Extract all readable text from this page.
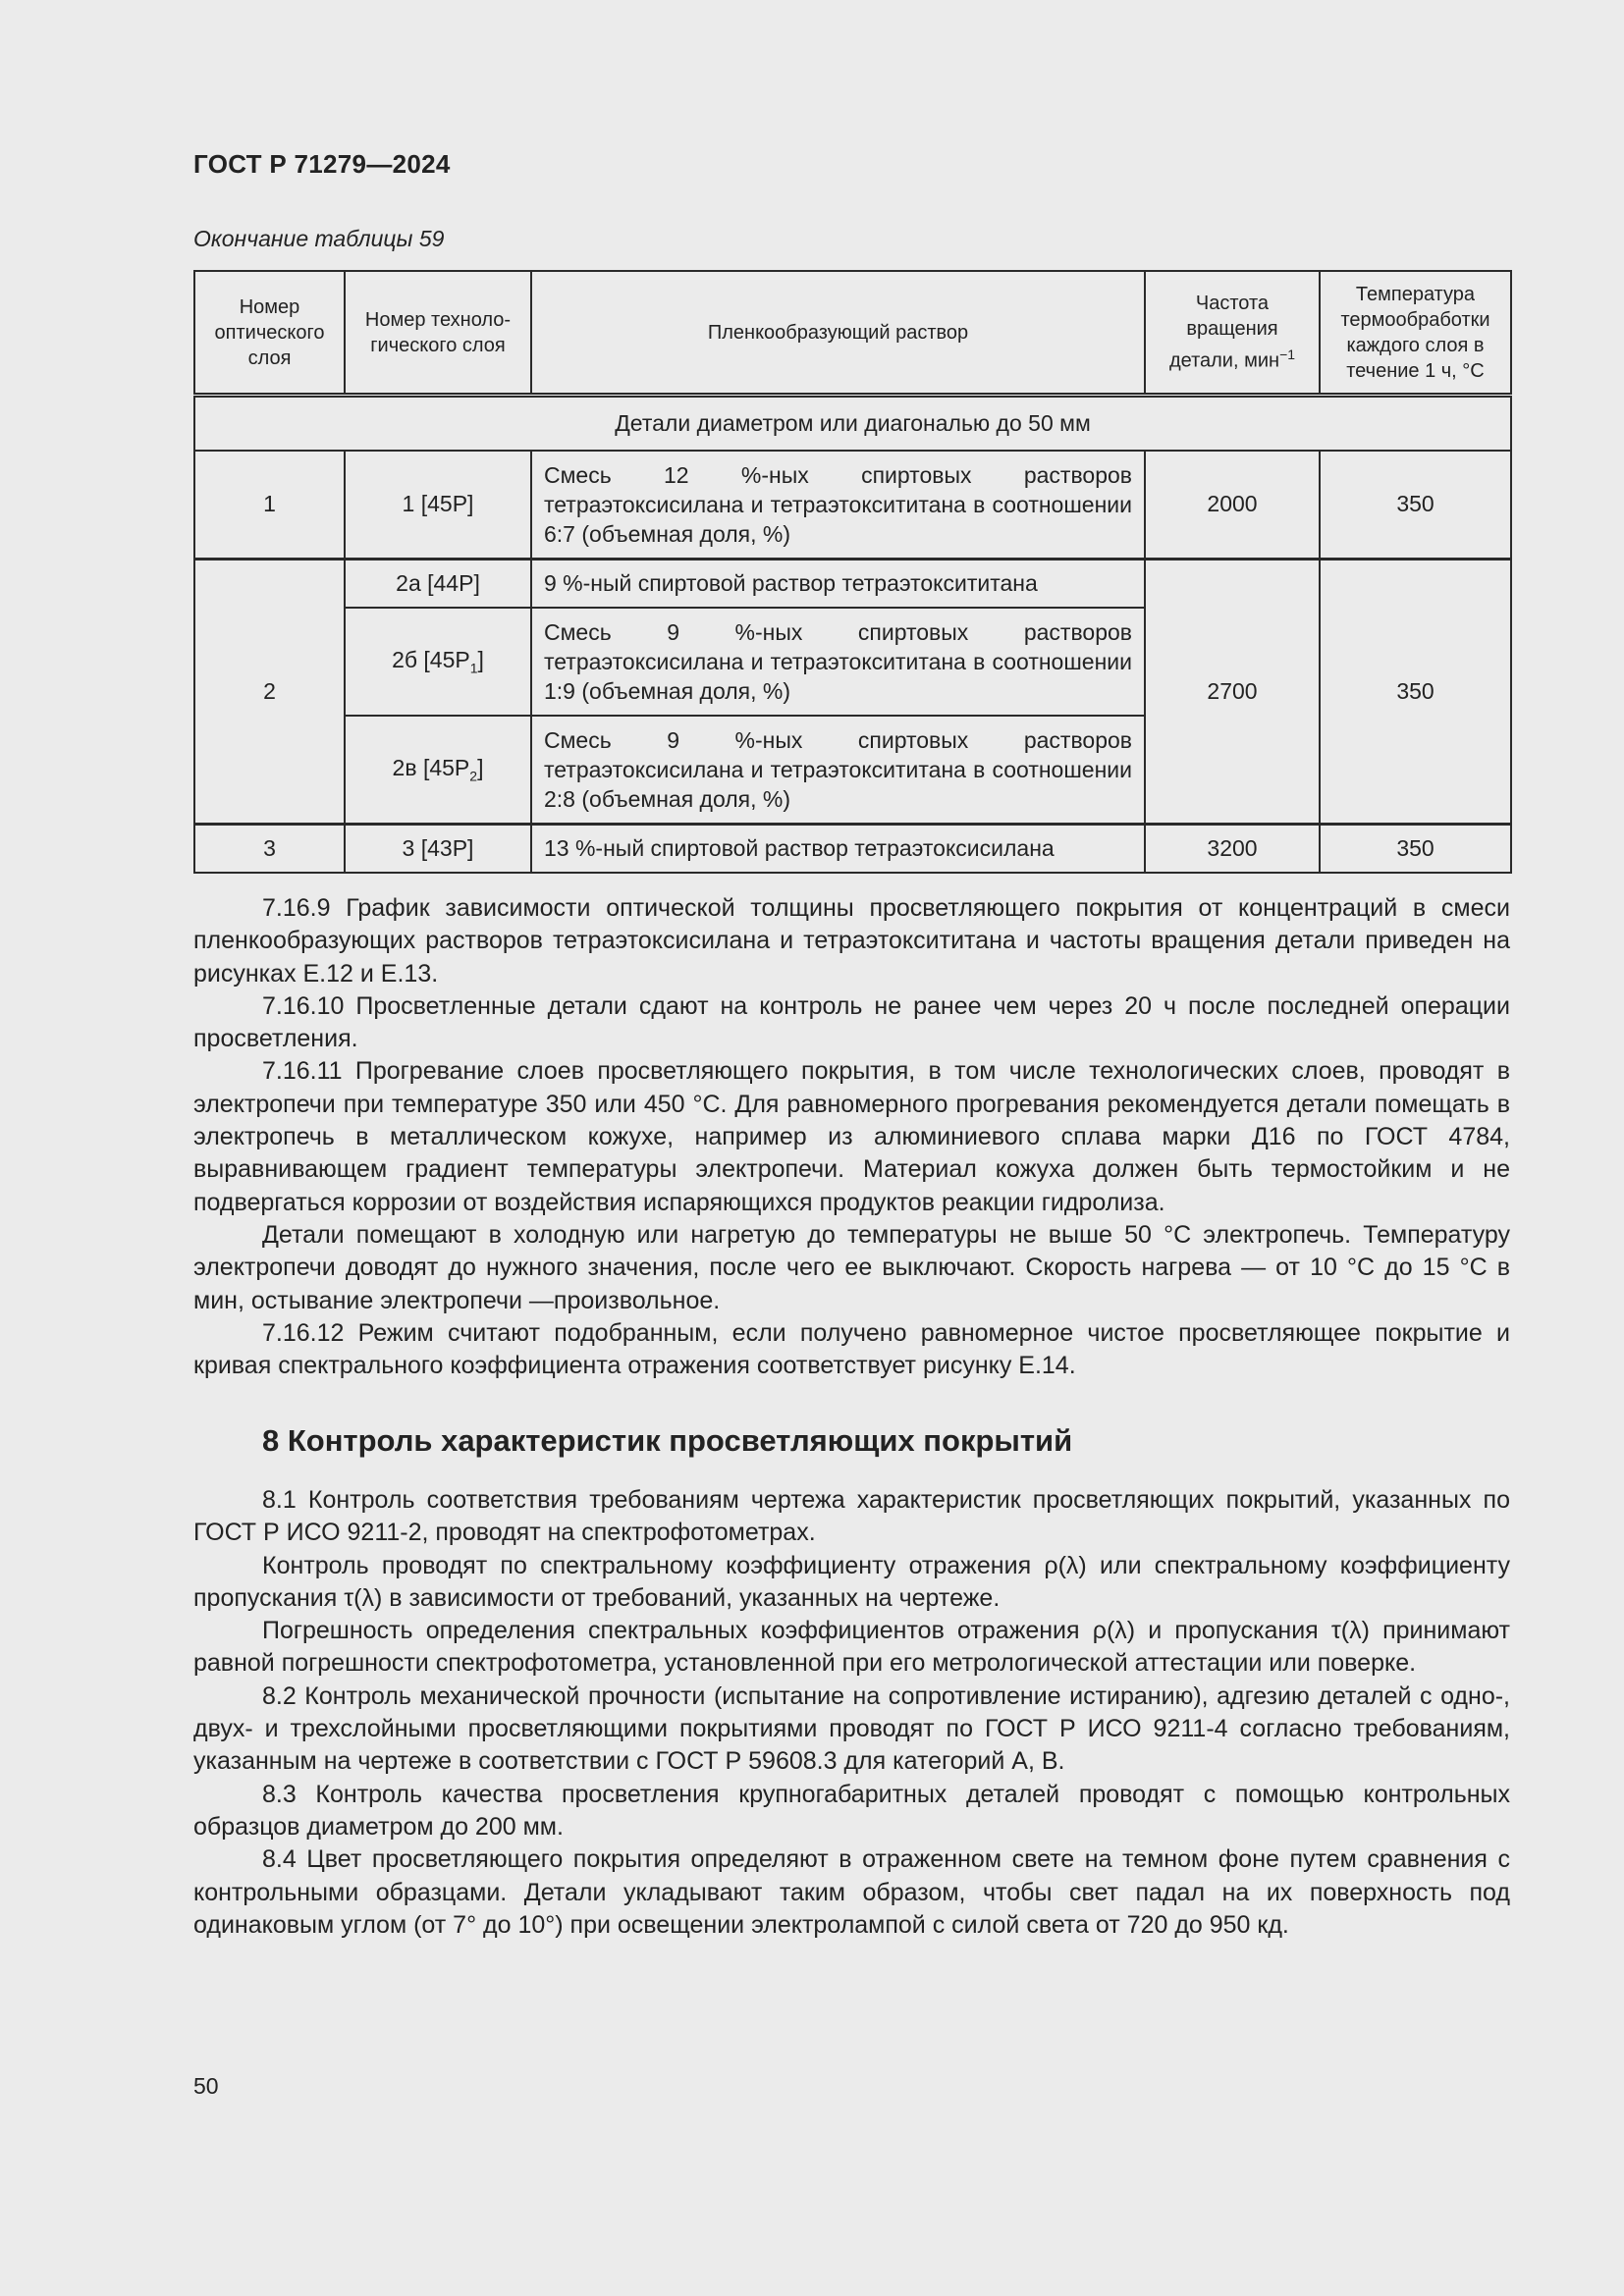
ГОСТ Р 71279—2024
Окончание таблицы 59
Номер оптического слоя	Номер техноло-гического слоя	Пленкообразующий раствор	Частота вращения детали, мин$^{-1}$	Температура термообработки каждого слоя в течение 1 ч, °С
Детали диаметром или диагональю до 50 мм				
1	1 [45Р]	Смесь 12 %-ных спиртовых растворов тетраэтоксисилана и тетраэтоксититана в соотношении 6:7 (объемная доля, %)	2000	350
2	2а [44Р]	9 %-ный спиртовой раствор тетраэтоксититана	2700	350
	2б $[45Р_1]$	Смесь 9 %-ных спиртовых растворов тетраэтоксисилана и тетраэтоксититана в соотношении 1:9 (объемная доля, %)		
	2в $[45Р_2]$	Смесь 9 %-ных спиртовых растворов тетраэтоксисилана и тетраэтоксититана в соотношении 2:8 (объемная доля, %)		
3	3 [43Р]	13 %-ный спиртовой раствор тетраэтоксисилана	3200	350

7.16.9 График зависимости оптической толщины просветляющего покрытия от концентраций в смеси пленкообразующих растворов тетраэтоксисилана и тетраэтоксититана и частоты вращения детали приведен на рисунках Е.12 и Е.13.

7.16.10 Просветленные детали сдают на контроль не ранее чем через 20 ч после последней операции просветления.

7.16.11 Прогревание слоев просветляющего покрытия, в том числе технологических слоев, проводят в электропечи при температуре 350 или 450 °С. Для равномерного прогревания рекомендуется детали помещать в электропечь в металлическом кожухе, например из алюминиевого сплава марки Д16 по ГОСТ 4784, выравнивающем градиент температуры электропечи. Материал кожуха должен быть термостойким и не подвергаться коррозии от воздействия испаряющихся продуктов реакции гидролиза.

Детали помещают в холодную или нагретую до температуры не выше 50 °С электропечь. Температуру электропечи доводят до нужного значения, после чего ее выключают. Скорость нагрева — от 10 °С до 15 °С в мин, остывание электропечи —произвольное.

7.16.12 Режим считают подобранным, если получено равномерное чистое просветляющее покрытие и кривая спектрального коэффициента отражения соответствует рисунку Е.14.

8 Контроль характеристик просветляющих покрытий

8.1 Контроль соответствия требованиям чертежа характеристик просветляющих покрытий, указанных по ГОСТ Р ИСО 9211-2, проводят на спектрофотометрах.

Контроль проводят по спектральному коэффициенту отражения ρ(λ) или спектральному коэффициенту пропускания τ(λ) в зависимости от требований, указанных на чертеже.

Погрешность определения спектральных коэффициентов отражения ρ(λ) и пропускания τ(λ) принимают равной погрешности спектрофотометра, установленной при его метрологической аттестации или поверке.

8.2 Контроль механической прочности (испытание на сопротивление истиранию), адгезию деталей с одно-, двух- и трехслойными просветляющими покрытиями проводят по ГОСТ Р ИСО 9211-4 согласно требованиям, указанным на чертеже в соответствии с ГОСТ Р 59608.3 для категорий А, В.

8.3 Контроль качества просветления крупногабаритных деталей проводят с помощью контрольных образцов диаметром до 200 мм.

8.4 Цвет просветляющего покрытия определяют в отраженном свете на темном фоне путем сравнения с контрольными образцами. Детали укладывают таким образом, чтобы свет падал на их поверхность под одинаковым углом (от 7° до 10°) при освещении электролампой с силой света от 720 до 950 кд.

50
